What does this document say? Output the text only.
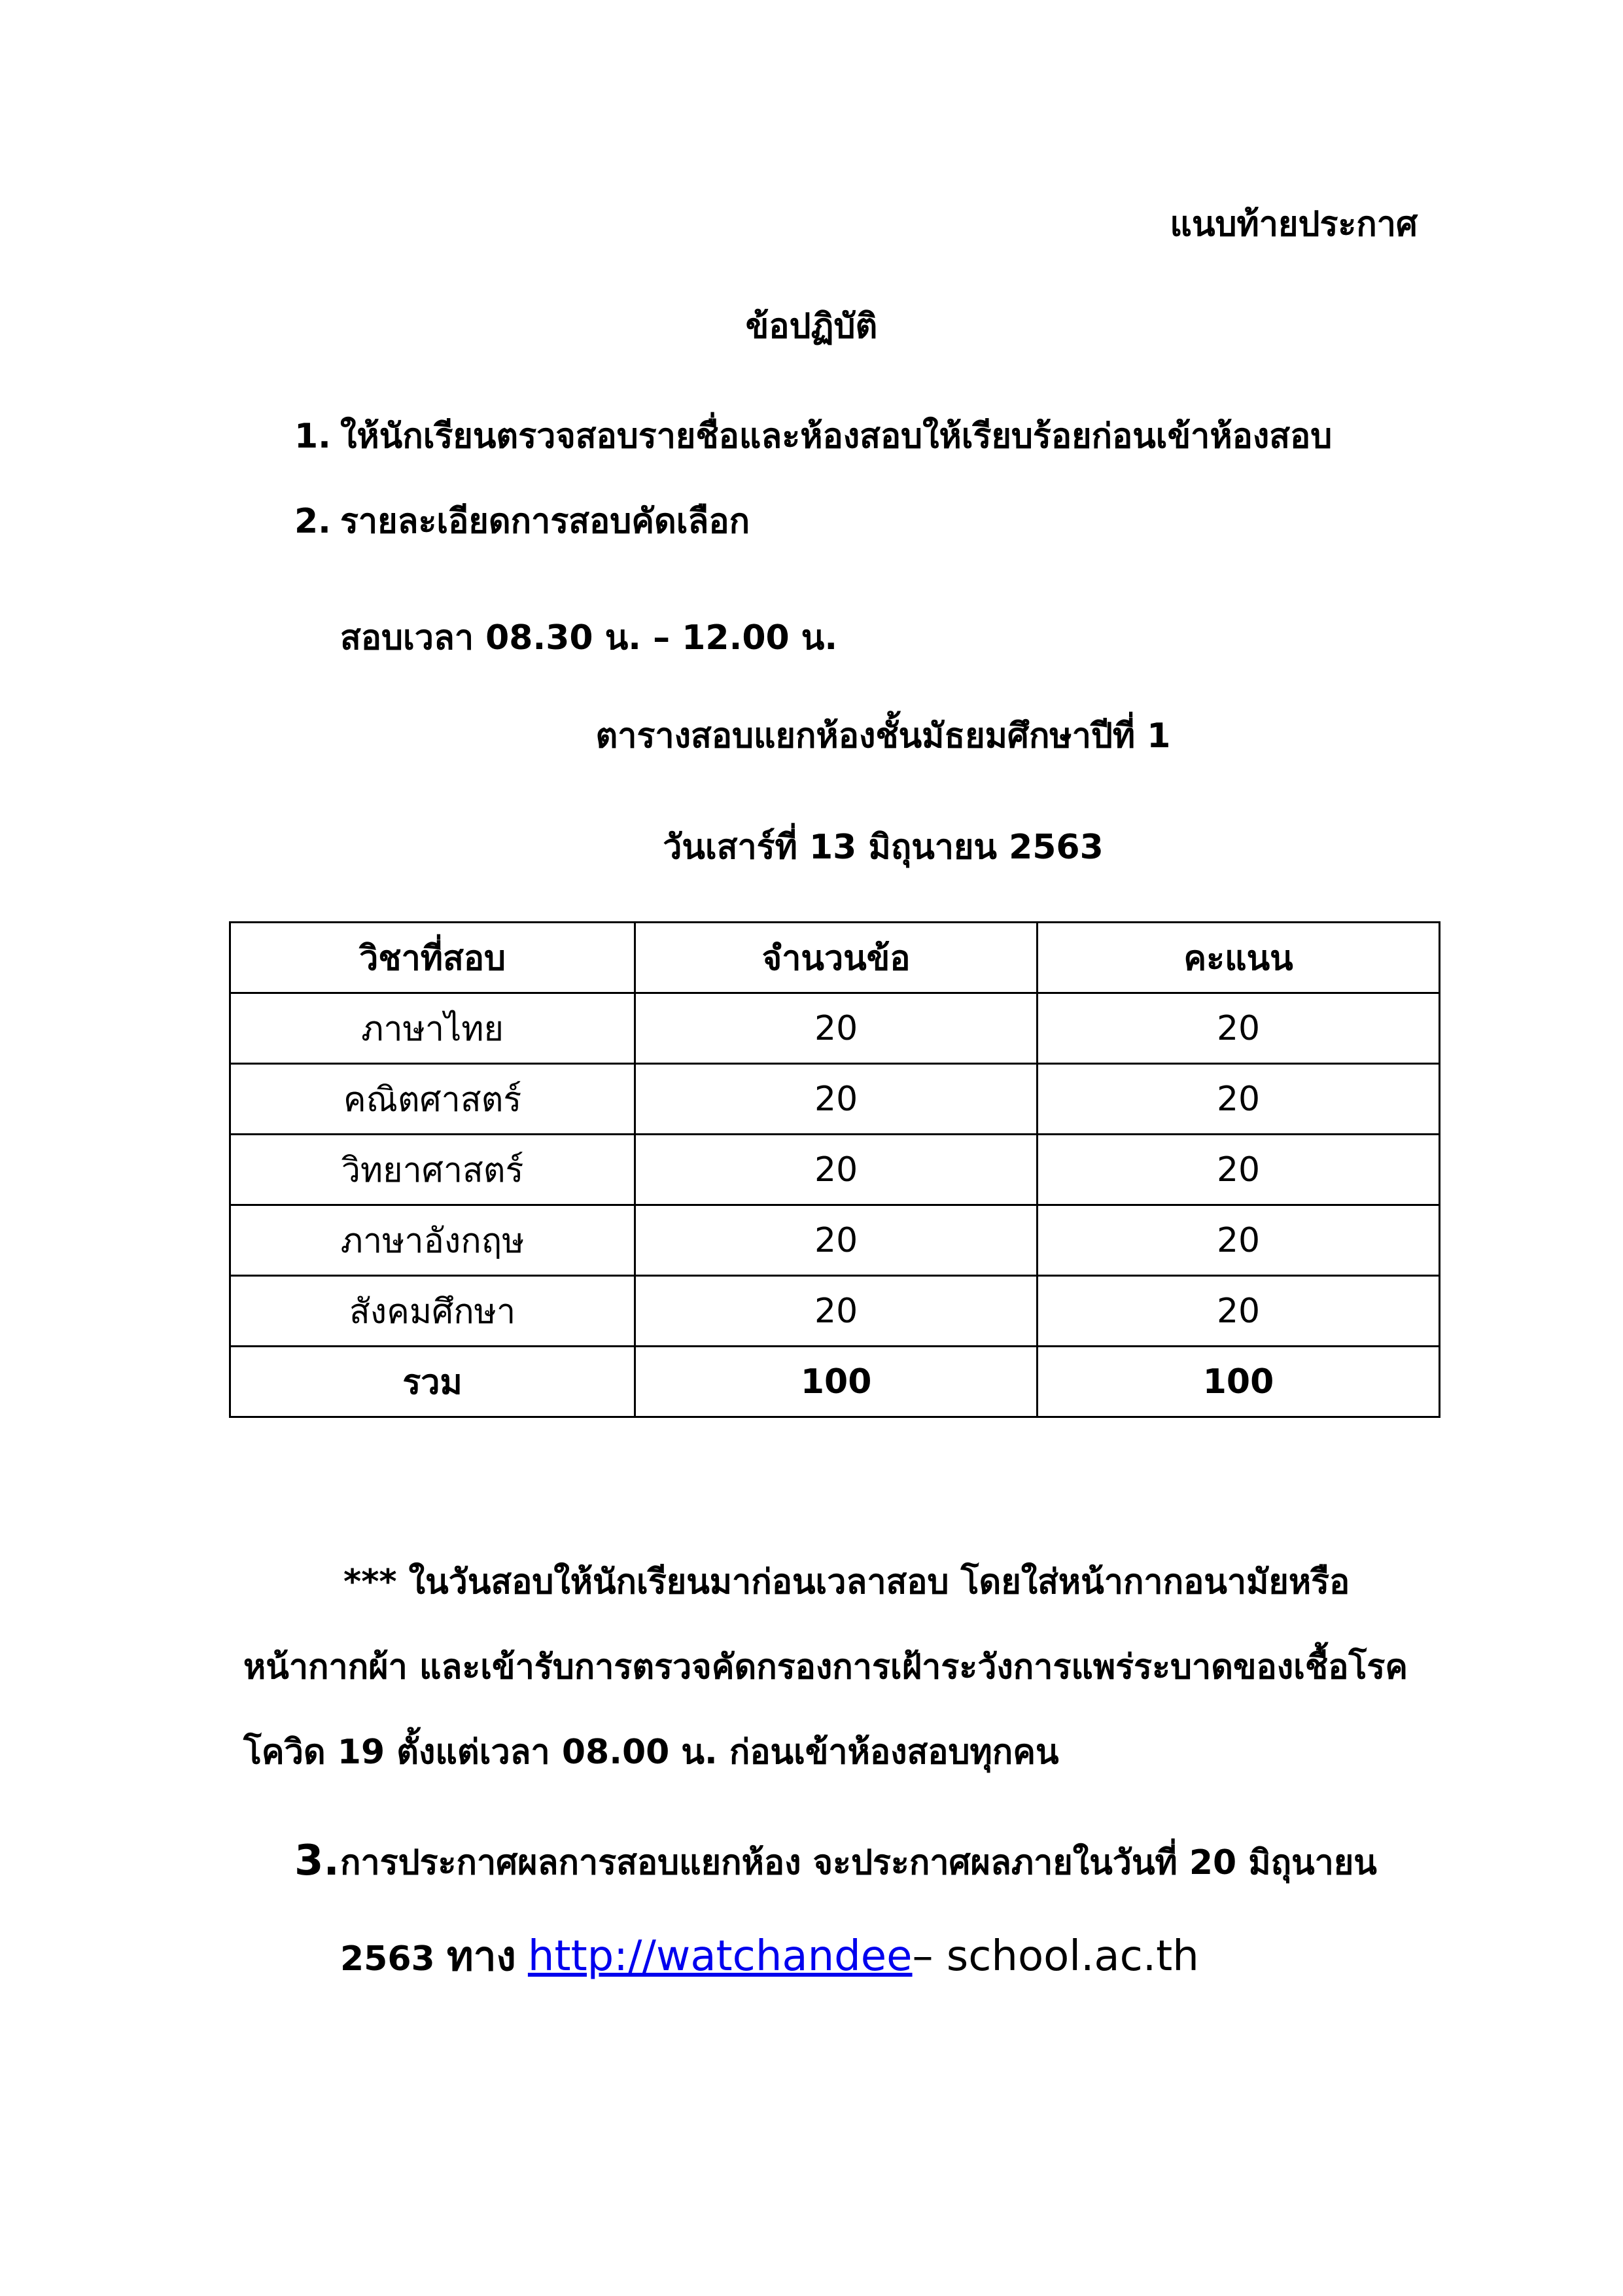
แนบท้ายประกาศ
ข้อปฏิบัติ
1. ให้นักเรียนตรวจสอบรายชื่อและห้องสอบให้เรียบร้อยก่อนเข้าห้องสอบ
2. รายละเอียดการสอบคัดเลือก
สอบเวลา 08.30 น. – 12.00 น.
ตารางสอบแยกห้องชั้นมัธยมศึกษาปีที่ 1
วันเสาร์ที่ 13 มิถุนายน 2563
วิชาที่สอบ	จำนวนข้อ	คะแนน
ภาษาไทย	20	20
คณิตศาสตร์	20	20
วิทยาศาสตร์	20	20
ภาษาอังกฤษ	20	20
สังคมศึกษา	20	20
รวม	100	100
*** ในวันสอบให้นักเรียนมาก่อนเวลาสอบ โดยใส่หน้ากากอนามัยหรือ
หน้ากากผ้า และเข้ารับการตรวจคัดกรองการเฝ้าระวังการแพร่ระบาดของเชื้อโรค
โควิด 19 ตั้งแต่เวลา 08.00 น. ก่อนเข้าห้องสอบทุกคน
3. การประกาศผลการสอบแยกห้อง จะประกาศผลภายในวันที่ 20 มิถุนายน
2563 ทาง http://watchandee– school.ac.th
